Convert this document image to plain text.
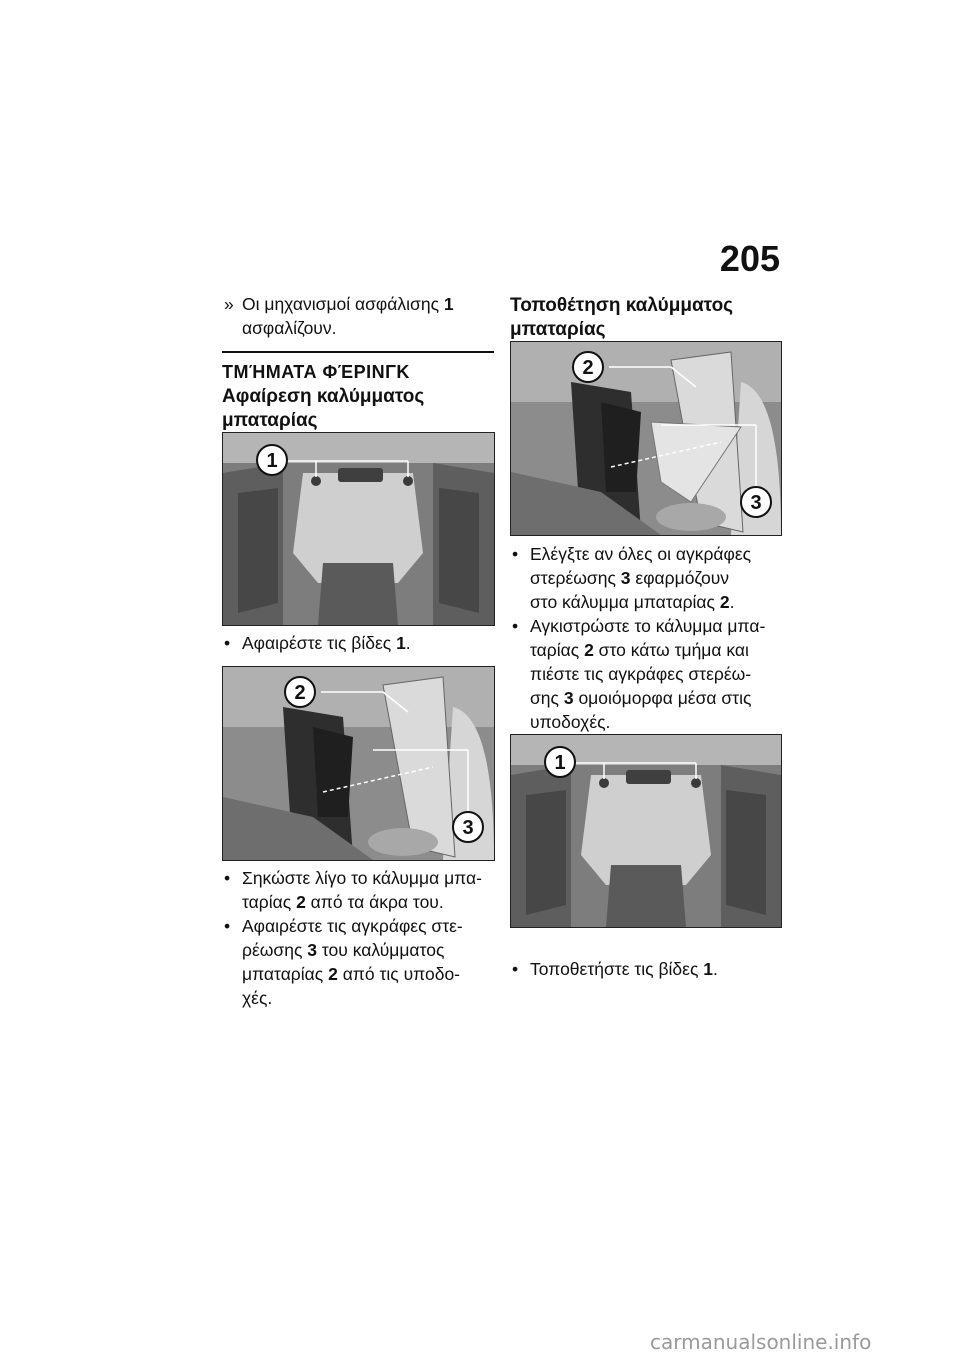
205
» Οι μηχανισμοί ασφάλισης 1
ασφαλίζουν.
ΤΜΉΜΑΤΑ ΦΈΡΙΝΓΚ
Αφαίρεση καλύμματος
μπαταρίας
1
• Αφαιρέστε τις βίδες 1.
2
3
• Σηκώστε λίγο το κάλυμμα μπα-
ταρίας 2 από τα άκρα του.
• Αφαιρέστε τις αγκράφες στε-
ρέωσης 3 του καλύμματος
μπαταρίας 2 από τις υποδο-
χές.
Τοποθέτηση καλύμματος
μπαταρίας
2
3
• Ελέγξτε αν όλες οι αγκράφες
στερέωσης 3 εφαρμόζουν
στο κάλυμμα μπαταρίας 2.
• Αγκιστρώστε το κάλυμμα μπα-
ταρίας 2 στο κάτω τμήμα και
πιέστε τις αγκράφες στερέω-
σης 3 ομοιόμορφα μέσα στις
υποδοχές.
1
• Τοποθετήστε τις βίδες 1.
carmanualsonline.info
